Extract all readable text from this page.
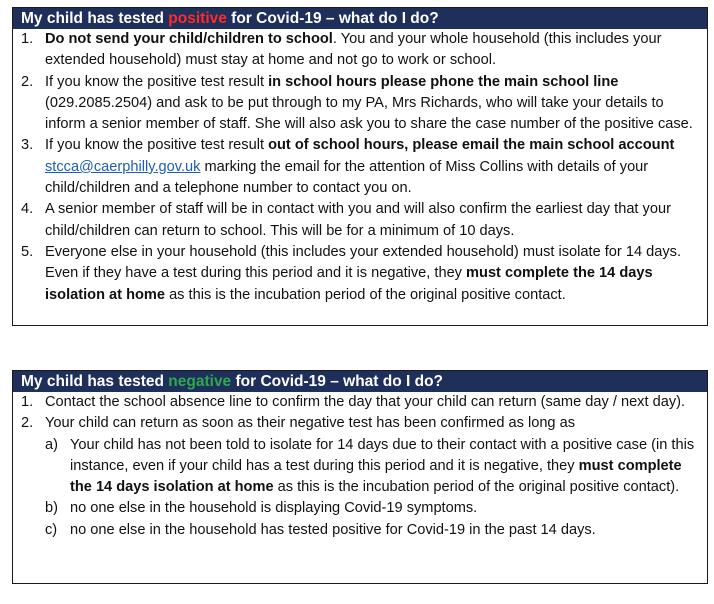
My child has tested positive for Covid-19 – what do I do?
1. Do not send your child/children to school. You and your whole household (this includes your extended household) must stay at home and not go to work or school.
2. If you know the positive test result in school hours please phone the main school line (029.2085.2504) and ask to be put through to my PA, Mrs Richards, who will take your details to inform a senior member of staff. She will also ask you to share the case number of the positive case.
3. If you know the positive test result out of school hours, please email the main school account stcca@caerphilly.gov.uk marking the email for the attention of Miss Collins with details of your child/children and a telephone number to contact you on.
4. A senior member of staff will be in contact with you and will also confirm the earliest day that your child/children can return to school. This will be for a minimum of 10 days.
5. Everyone else in your household (this includes your extended household) must isolate for 14 days. Even if they have a test during this period and it is negative, they must complete the 14 days isolation at home as this is the incubation period of the original positive contact.
My child has tested negative for Covid-19 – what do I do?
1. Contact the school absence line to confirm the day that your child can return (same day / next day).
2. Your child can return as soon as their negative test has been confirmed as long as
a) Your child has not been told to isolate for 14 days due to their contact with a positive case (in this instance, even if your child has a test during this period and it is negative, they must complete the 14 days isolation at home as this is the incubation period of the original positive contact).
b) no one else in the household is displaying Covid-19 symptoms.
c) no one else in the household has tested positive for Covid-19 in the past 14 days.
